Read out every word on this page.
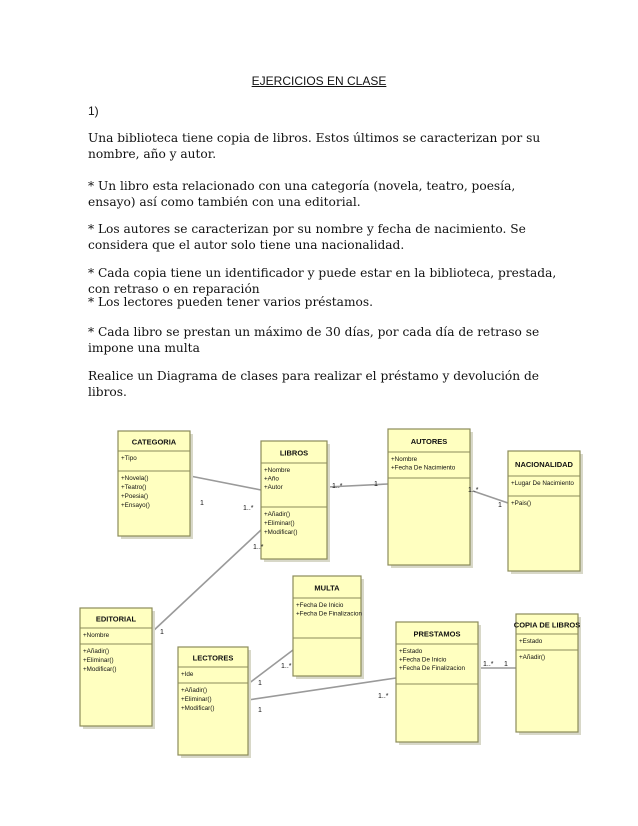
EJERCICIOS EN CLASE

1)

Una biblioteca tiene copia de libros. Estos últimos se caracterizan por su nombre, año y autor.

* Un libro esta relacionado con una categoría (novela, teatro, poesía, ensayo) así como también con una editorial.

* Los autores se caracterizan por su nombre y fecha de nacimiento. Se considera que el autor solo tiene una nacionalidad.

* Cada copia tiene un identificador y puede estar en la biblioteca, prestada, con retraso o en reparación

* Los lectores pueden tener varios préstamos.

* Cada libro se prestan un máximo de 30 días, por cada día de retraso se impone una multa

Realice un Diagrama de clases para realizar el préstamo y devolución de libros.

CATEGORIA
+Tipo
+Novela()
+Teatro()
+Poesia()
+Ensayo()
LIBROS
+Nombre
+Año
+Autor
+Añadir()
+Eliminar()
+Modificar()
AUTORES
+Nombre
+Fecha De Nacimiento	NACIONALIDAD
+Lugar De Nacimiento
+Pais()
EDITORIAL
+Nombre
+Añadir()
+Eliminar()
+Modificar()
MULTA
+Fecha De Inicio
+Fecha De Finalizacion
LECTORES
+Ide
+Añadir()
+Eliminar()
+Modificar()
PRESTAMOS
+Estado
+Fecha De Inicio
+Fecha De Finalizacion
COPIA DE LIBROS
+Estado
+Añadir()
1
1..*
1..*
1..*	1
1..*
1
1
1..*
1
1
1..*
1..* 1
